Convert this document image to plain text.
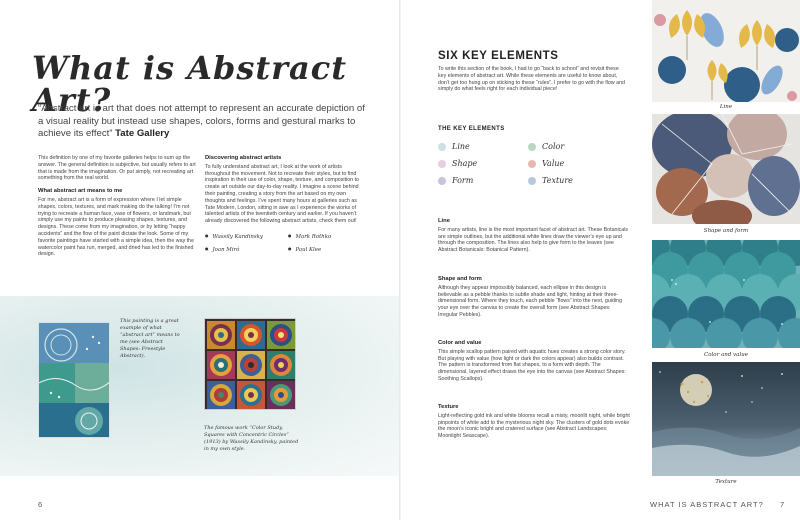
What is Abstract Art?

“Abstract art is art that does not attempt to represent an accurate depiction of a visual reality but instead use shapes, colors, forms and gestural marks to achieve its effect” Tate Gallery

This definition by one of my favorite galleries helps to sum up the answer. The general definition is subjective, but usually refers to art that is made from the imagination. Or put simply, not recreating art something from the real world.

What abstract art means to me

For me, abstract art is a form of expression where I let simple shapes, colors, textures, and mark making do the talking! I’m not trying to recreate a human face, vase of flowers, or landmark, but simply use my paints to produce pleasing shapes, textures, and designs. These come from my imagination, or by letting “happy accidents” and the flow of the paint dictate the look. Some of my favorite paintings have started with a simple idea, then the way the watercolor paint has run, merged, and dried has led to the finished design.

Discovering abstract artists

To fully understand abstract art, I look at the work of artists throughout the movement. Not to recreate their styles, but to find inspiration in their use of color, shape, texture, and composition to create art outside our day-to-day reality. I imagine a scene behind their painting, creating a story from the art based on my own thoughts and feelings. I’ve spent many hours at galleries such as Tate Modern, London, sitting in awe as I experience the works of talented artists of the twentieth century and earlier. If you haven’t already discovered the following abstract artists, check them out!

● Wassily Kandinsky	● Mark Rothko
● Joan Miró	● Paul Klee

This painting is a great example of what “abstract art” means to me (see Abstract Shapes: Freestyle Abstract).

The famous work “Color Study, Squares with Concentric Circles” (1913) by Wassily Kandinsky, painted in my own style.

6
SIX KEY ELEMENTS

To write this section of the book, I had to go “back to school” and revisit these key elements of abstract art. While these elements are useful to know about, don’t get too hung up on sticking to these “rules”. I prefer to go with the flow and simply do what feels right for each individual piece!

THE KEY ELEMENTS
Line	Color
Shape	Value
Form	Texture
Line

For many artists, line is the most important facet of abstract art. These Botanicals are simple outlines, but the additional white lines draw the viewer’s eye up and through the composition. The lines also help to give form to the leaves (see Abstract Botanicals: Botanical Pattern).

Shape and form

Although they appear impossibly balanced, each ellipse in this design is believable as a pebble thanks to subtle shade and light, hinting at their three-dimensional form. Where they touch, each pebble “flows” into the next, guiding your eye over the canvas to create the overall form (see Abstract Shapes: Irregular Pebbles).

Color and value

This simple scallop pattern paired with aquatic hues creates a strong color story. But playing with value (how light or dark the colors appear) also builds contrast. The pattern is transformed from flat shapes, to a form with depth. The dimensional, layered effect draws the eye into the canvas (see Abstract Shapes: Soothing Scallops).

Texture

Light-reflecting gold ink and white blooms recall a misty, moonlit night, while bright pinpoints of white add to the mysterious night sky. The clusters of gold dots evoke the moon’s iconic bright and cratered surface (see Abstract Landscapes: Moonlight Seascape).

Line
Shape and form
Color and value
Texture
WHAT IS ABSTRACT ART? 7
